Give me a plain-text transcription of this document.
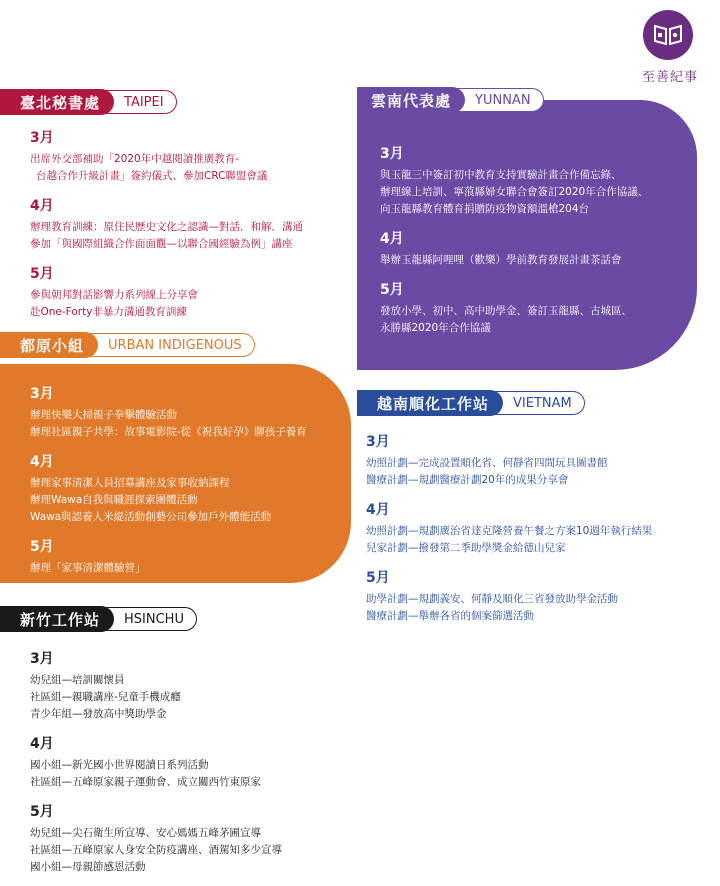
至善紀事
臺北秘書處	TAIPEI

3月

出席外交部補助「2020年中越閱讀推廣教育-

台越合作升級計畫」簽約儀式、參加CRC聯盟會議

4月

辦理教育訓練：原住民歷史文化之認識—對話．和解．溝通

參加「與國際組織合作面面觀—以聯合國經驗為例」講座

5月

參與朝邦對話影響力系列線上分享會

赴One-Forty非暴力溝通教育訓練

都原小組	URBAN INDIGENOUS

3月

辦理快樂大掃親子拳擊體驗活動

辦理社區親子共學：故事電影院-從《祝我好孕》聊孩子養育

4月

辦理家事清潔人員招募講座及家事收納課程

辦理Wawa自我與職涯探索團體活動

Wawa與認養人米緹活動創藝公司參加戶外體能活動

5月

辦理「家事清潔體驗營」

新竹工作站	HSINCHU

3月

幼兒組—培訓關懷員

社區組—親職講座-兒童手機成癮

青少年組—發放高中獎助學金

4月

國小組—新光國小世界閱讀日系列活動

社區組—五峰原家親子運動會、成立關西竹東原家

5月

幼兒組—尖石衛生所宣導、安心媽媽五峰茅圃宣導

社區組—五峰原家人身安全防疫講座、酒駕知多少宣導

國小組—母親節感恩活動

雲南代表處	YUNNAN

3月

與玉龍三中簽訂初中教育支持實驗計畫合作備忘錄、

辦理線上培訓、寧蒗縣婦女聯合會簽訂2020年合作協議、

向玉龍縣教育體育捐贈防疫物資額溫槍204台

4月

舉辦玉龍縣阿哩哩（歡樂）學前教育發展計畫茶話會

5月

發放小學、初中、高中助學金、簽訂玉龍縣、古城區、

永勝縣2020年合作協議

越南順化工作站	VIETNAM

3月

幼照計劃—完成設置順化省、何靜省四間玩具圖書館

醫療計劃—規劃醫療計劃20年的成果分享會

4月

幼照計劃—規劃廣治省達克隆營養午餐之方案10週年執行結果

兒家計劃—撥發第二季助學獎金給德山兒家

5月

助學計劃—規劃義安、何靜及順化三省發放助學金活動

醫療計劃—舉辦各省的個案篩選活動
